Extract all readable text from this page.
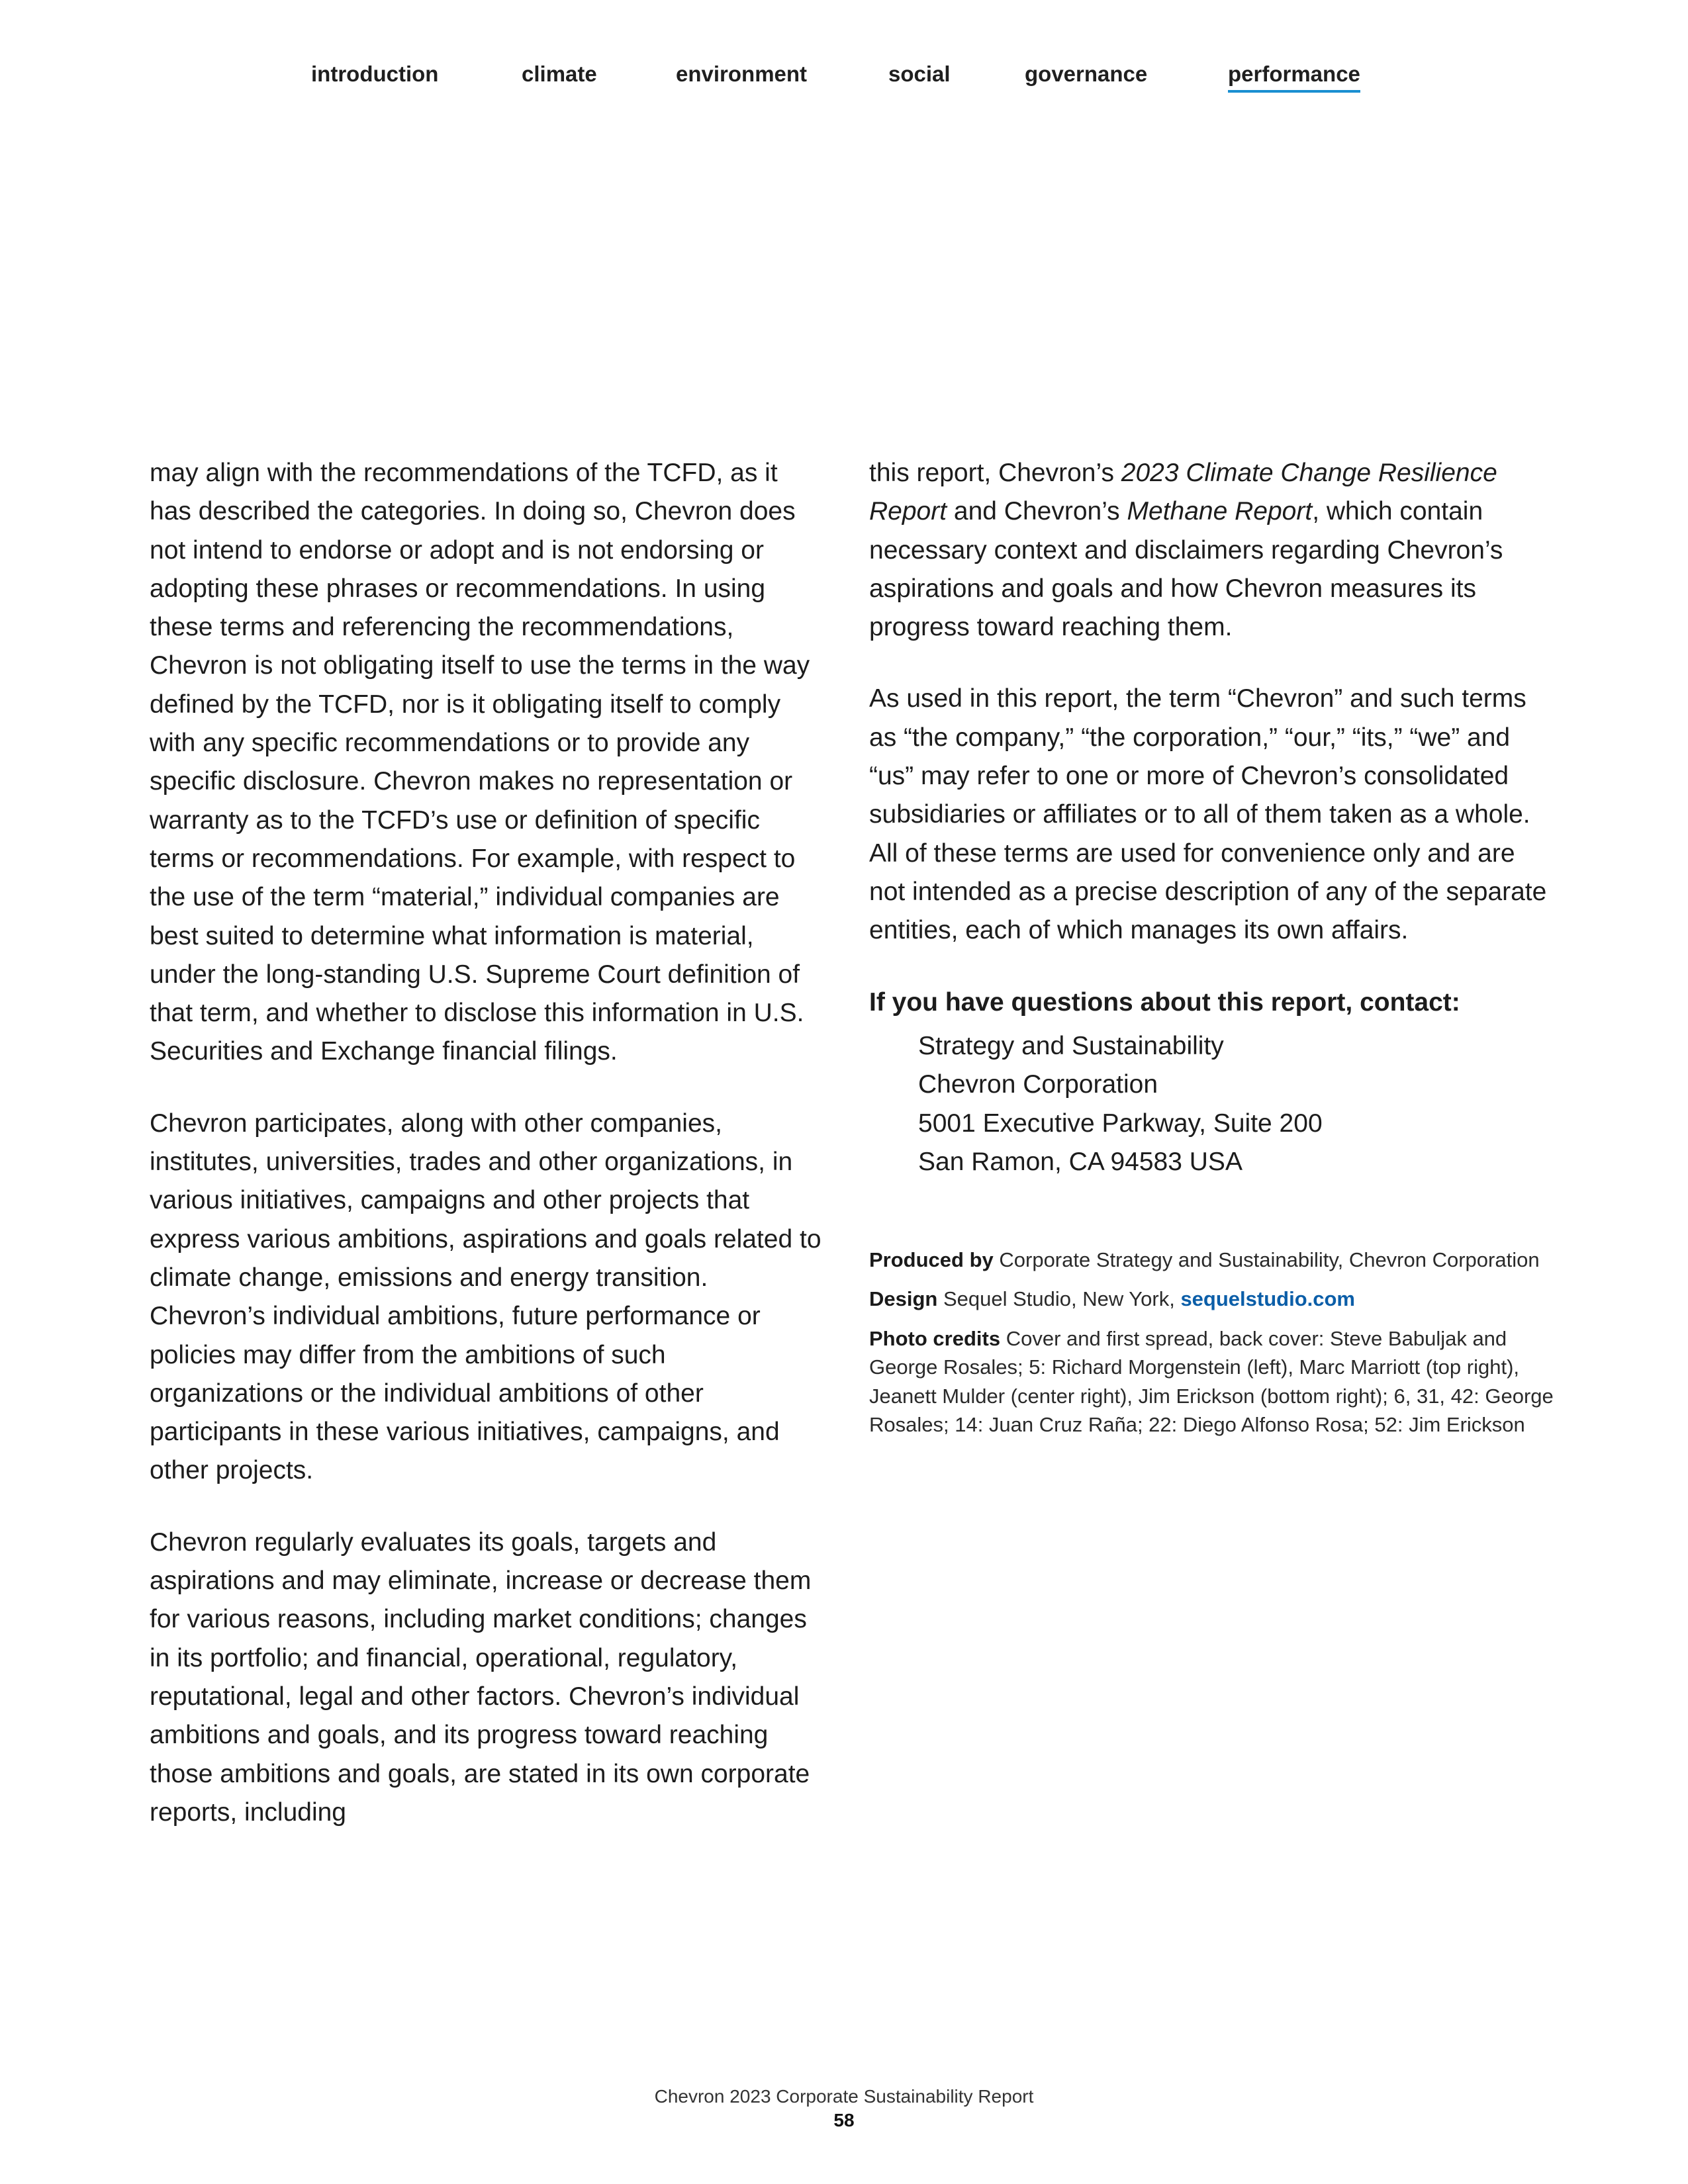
introduction	climate	environment	social	governance	performance

may align with the recommendations of the TCFD, as it has described the categories. In doing so, Chevron does not intend to endorse or adopt and is not endorsing or adopting these phrases or recommendations. In using these terms and referencing the recommendations, Chevron is not obligating itself to use the terms in the way defined by the TCFD, nor is it obligating itself to comply with any specific recommendations or to provide any specific disclosure. Chevron makes no representation or warranty as to the TCFD’s use or definition of specific terms or recommendations. For example, with respect to the use of the term “material,” individual companies are best suited to determine what information is material, under the long-standing U.S. Supreme Court definition of that term, and whether to disclose this information in U.S. Securities and Exchange financial filings.

Chevron participates, along with other companies, institutes, universities, trades and other organizations, in various initiatives, campaigns and other projects that express various ambitions, aspirations and goals related to climate change, emissions and energy transition. Chevron’s individual ambitions, future performance or policies may differ from the ambitions of such organizations or the individual ambitions of other participants in these various initiatives, campaigns, and other projects.

Chevron regularly evaluates its goals, targets and aspirations and may eliminate, increase or decrease them for various reasons, including market conditions; changes in its portfolio; and financial, operational, regulatory, reputational, legal and other factors. Chevron’s individual ambitions and goals, and its progress toward reaching those ambitions and goals, are stated in its own corporate reports, including

this report, Chevron’s 2023 Climate Change Resilience Report and Chevron’s Methane Report, which contain necessary context and disclaimers regarding Chevron’s aspirations and goals and how Chevron measures its progress toward reaching them.

As used in this report, the term “Chevron” and such terms as “the company,” “the corporation,” “our,” “its,” “we” and “us” may refer to one or more of Chevron’s consolidated subsidiaries or affiliates or to all of them taken as a whole. All of these terms are used for convenience only and are not intended as a precise description of any of the separate entities, each of which manages its own affairs.

If you have questions about this report, contact:
Strategy and Sustainability
Chevron Corporation
5001 Executive Parkway, Suite 200
San Ramon, CA 94583 USA
Produced by Corporate Strategy and Sustainability, Chevron Corporation
Design Sequel Studio, New York, sequelstudio.com
Photo credits Cover and first spread, back cover: Steve Babuljak and George Rosales; 5: Richard Morgenstein (left), Marc Marriott (top right), Jeanett Mulder (center right), Jim Erickson (bottom right); 6, 31, 42: George Rosales; 14: Juan Cruz Raña; 22: Diego Alfonso Rosa; 52: Jim Erickson
Chevron 2023 Corporate Sustainability Report
58
